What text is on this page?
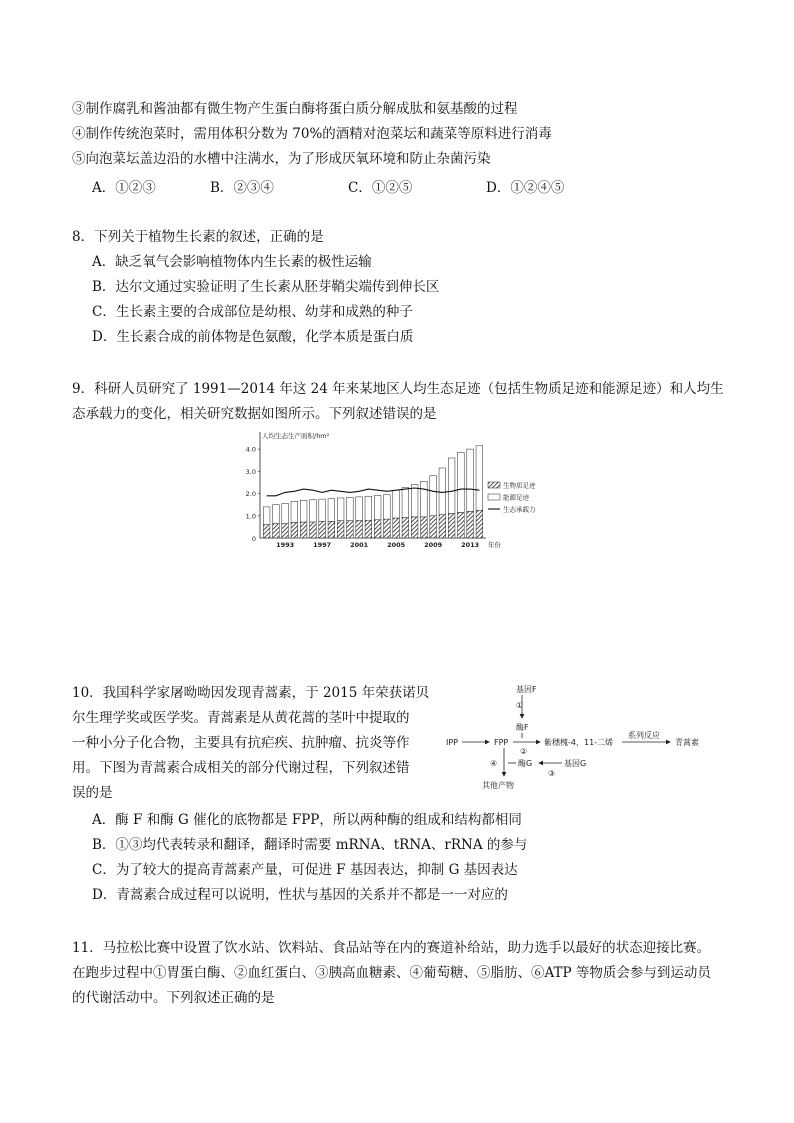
③制作腐乳和酱油都有微生物产生蛋白酶将蛋白质分解成肽和氨基酸的过程
④制作传统泡菜时，需用体积分数为 70%的酒精对泡菜坛和蔬菜等原料进行消毒
⑤向泡菜坛盖边沿的水槽中注满水，为了形成厌氧环境和防止杂菌污染
A．①②③	B．②③④	C．①②⑤	D．①②④⑤
8．下列关于植物生长素的叙述，正确的是
A．缺乏氧气会影响植物体内生长素的极性运输
B．达尔文通过实验证明了生长素从胚芽鞘尖端传到伸长区
C．生长素主要的合成部位是幼根、幼芽和成熟的种子
D．生长素合成的前体物是色氨酸，化学本质是蛋白质
9．科研人员研究了 1991—2014 年这 24 年来某地区人均生态足迹（包括生物质足迹和能源足迹）和人均生
态承载力的变化，相关研究数据如图所示。下列叙述错误的是
1.0
2.0
3.0
4.0
0
人均生态生产面积/hm²
1993	1997	2001	2005	2009	2013 年份
生物质足迹
能源足迹
生态承载力
10．我国科学家屠呦呦因发现青蒿素，于 2015 年荣获诺贝
尔生理学奖或医学奖。青蒿素是从黄花蒿的茎叶中提取的
一种小分子化合物，主要具有抗疟疾、抗肿瘤、抗炎等作
用。下图为青蒿素合成相关的部分代谢过程，下列叙述错
误的是
基因F
①
酶F
IPP	FPP
②
紫穗槐-4，11-二烯
系列反应
青蒿素
④	酶G
③
基因G
其他产物
A．酶 F 和酶 G 催化的底物都是 FPP，所以两种酶的组成和结构都相同
B．①③均代表转录和翻译，翻译时需要 mRNA、tRNA、rRNA 的参与
C．为了较大的提高青蒿素产量，可促进 F 基因表达，抑制 G 基因表达
D．青蒿素合成过程可以说明，性状与基因的关系并不都是一一对应的
11．马拉松比赛中设置了饮水站、饮料站、食品站等在内的赛道补给站，助力选手以最好的状态迎接比赛。
在跑步过程中①胃蛋白酶、②血红蛋白、③胰高血糖素、④葡萄糖、⑤脂肪、⑥ATP 等物质会参与到运动员
的代谢活动中。下列叙述正确的是
